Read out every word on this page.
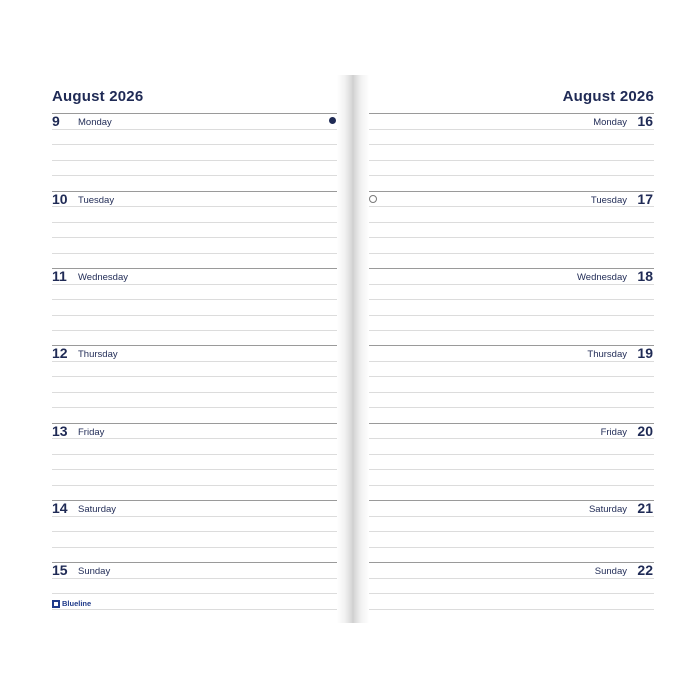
August 2026
9 Monday
10 Tuesday
11 Wednesday
12 Thursday
13 Friday
14 Saturday
15 Sunday
Blueline
August 2026
16
Monday
17
Tuesday
18
Wednesday
19
Thursday
20
Friday
21
Saturday
22
Sunday
